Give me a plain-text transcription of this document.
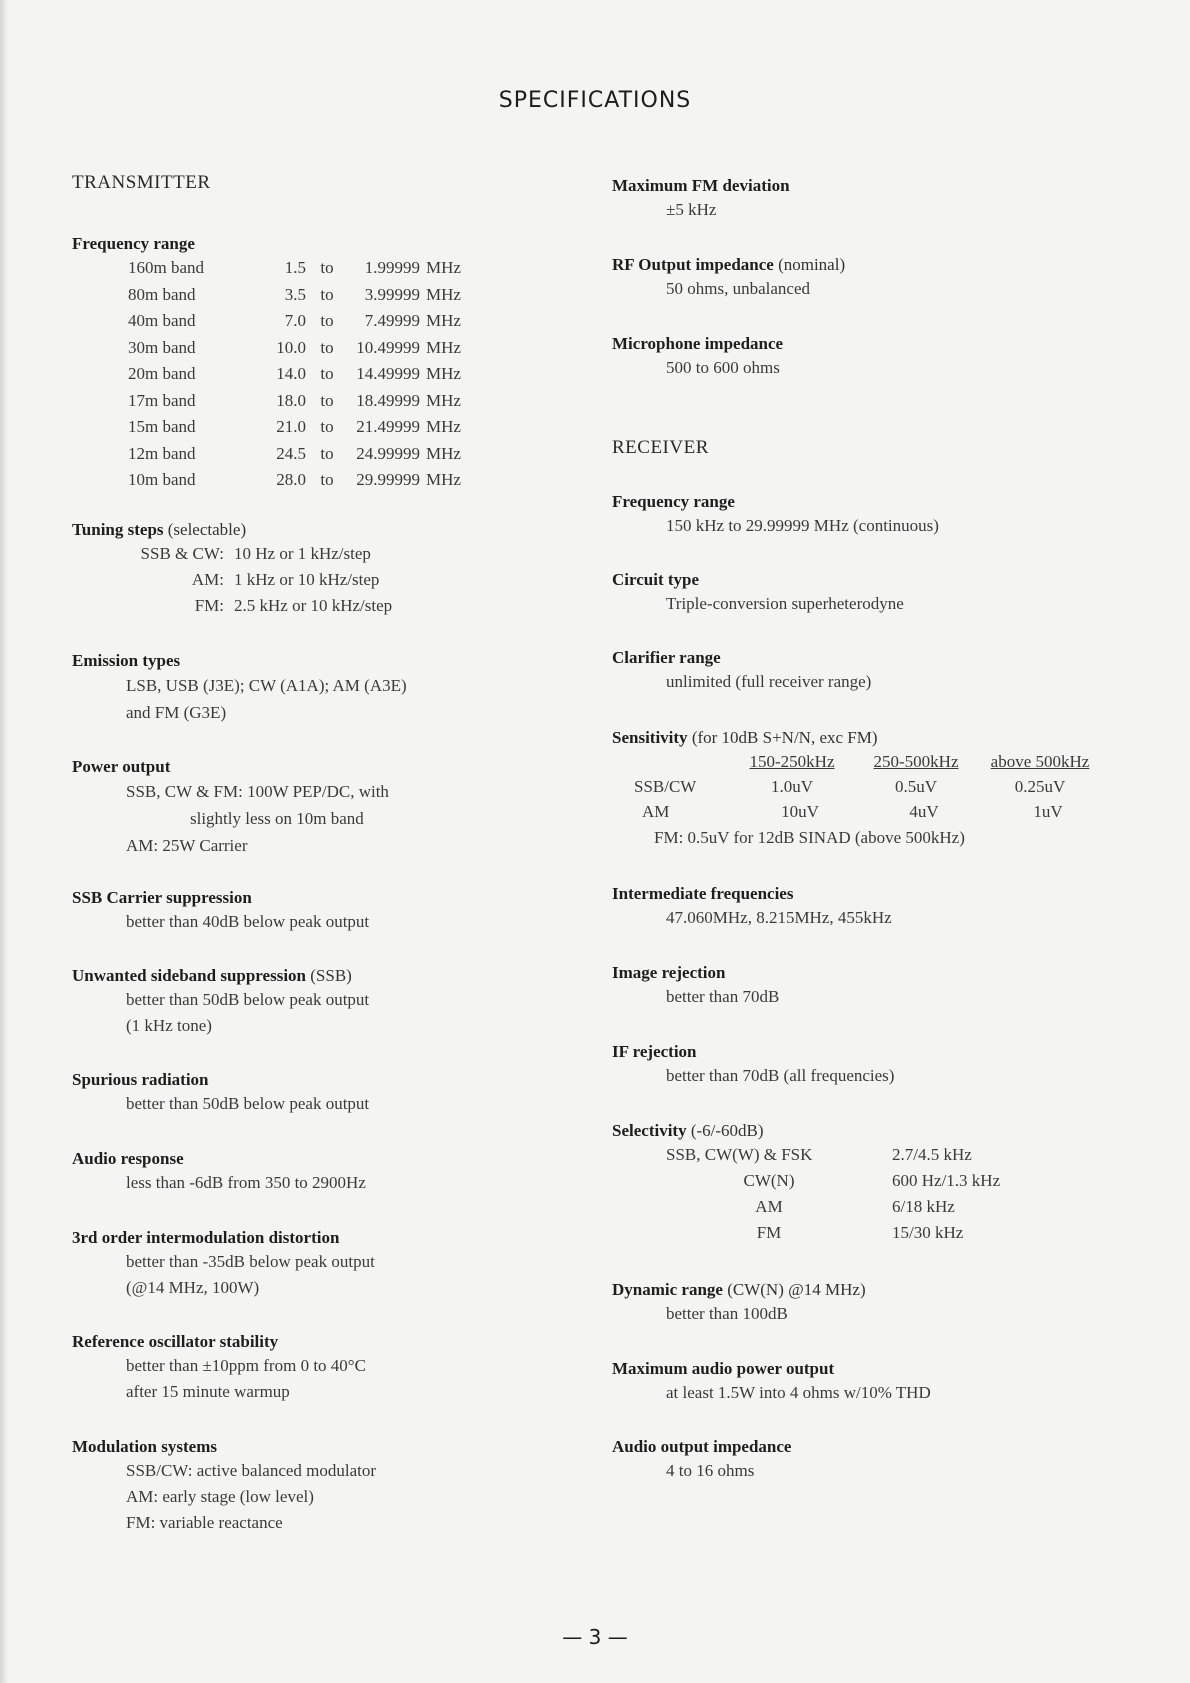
SPECIFICATIONS
TRANSMITTER
Frequency range
160m band	1.5 to	1.99999 MHz
80m band	3.5 to	3.99999 MHz
40m band	7.0 to	7.49999 MHz
30m band	10.0 to	10.49999 MHz
20m band	14.0 to	14.49999 MHz
17m band	18.0 to	18.49999 MHz
15m band	21.0 to	21.49999 MHz
12m band	24.5 to	24.99999 MHz
10m band	28.0 to	29.99999 MHz
Tuning steps (selectable)
SSB & CW: 10 Hz or 1 kHz/step
AM: 1 kHz or 10 kHz/step
FM: 2.5 kHz or 10 kHz/step
Emission types
LSB, USB (J3E); CW (A1A); AM (A3E)
and FM (G3E)
Power output
SSB, CW & FM: 100W PEP/DC, with
slightly less on 10m band
AM: 25W Carrier
SSB Carrier suppression
better than 40dB below peak output
Unwanted sideband suppression (SSB)
better than 50dB below peak output
(1 kHz tone)
Spurious radiation
better than 50dB below peak output
Audio response
less than -6dB from 350 to 2900Hz
3rd order intermodulation distortion
better than -35dB below peak output
(@14 MHz, 100W)
Reference oscillator stability
better than ±10ppm from 0 to 40°C
after 15 minute warmup
Modulation systems
SSB/CW: active balanced modulator
AM: early stage (low level)
FM: variable reactance
Maximum FM deviation
±5 kHz
RF Output impedance (nominal)
50 ohms, unbalanced
Microphone impedance
500 to 600 ohms
RECEIVER
Frequency range
150 kHz to 29.99999 MHz (continuous)
Circuit type
Triple-conversion superheterodyne
Clarifier range
unlimited (full receiver range)
Sensitivity (for 10dB S+N/N, exc FM)
150-250kHz	250-500kHz	above 500kHz
SSB/CW	1.0uV	0.5uV	0.25uV
AM	10uV	4uV	1uV
FM: 0.5uV for 12dB SINAD (above 500kHz)
Intermediate frequencies
47.060MHz, 8.215MHz, 455kHz
Image rejection
better than 70dB
IF rejection
better than 70dB (all frequencies)
Selectivity (-6/-60dB)
SSB, CW(W) & FSK	2.7/4.5 kHz
CW(N)	600 Hz/1.3 kHz
AM	6/18 kHz
FM	15/30 kHz
Dynamic range (CW(N) @14 MHz)
better than 100dB
Maximum audio power output
at least 1.5W into 4 ohms w/10% THD
Audio output impedance
4 to 16 ohms
— 3 —
